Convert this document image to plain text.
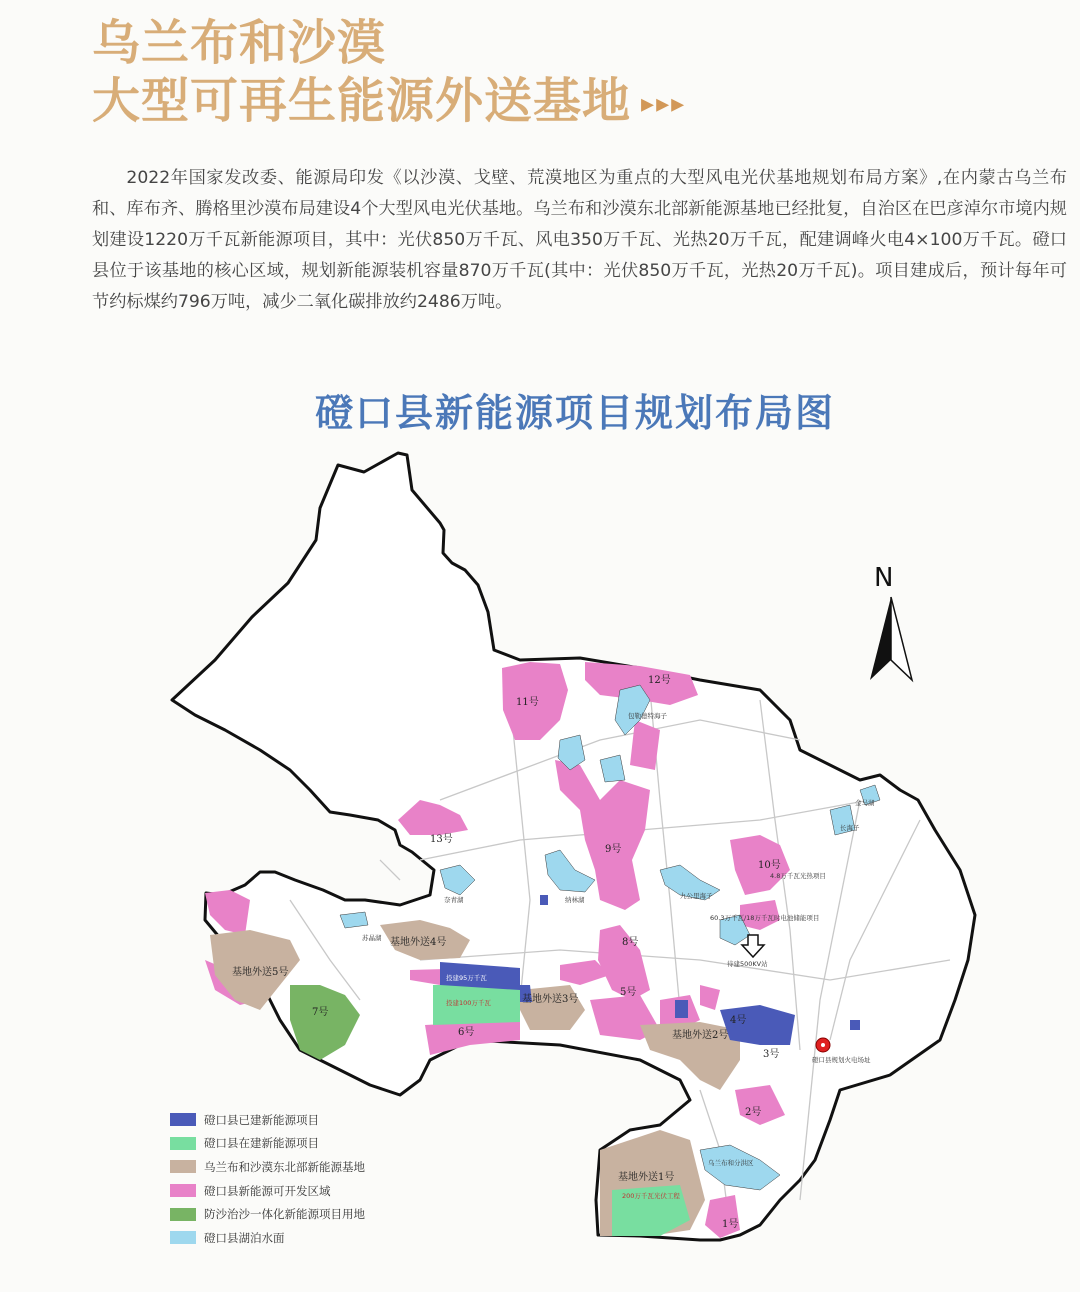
乌兰布和沙漠
大型可再生能源外送基地 ▸▸▸

2022年国家发改委、能源局印发《以沙漠、戈壁、荒漠地区为重点的大型风电光伏基地规划布局方案》,在内蒙古乌兰布和、库布齐、腾格里沙漠布局建设4个大型风电光伏基地。乌兰布和沙漠东北部新能源基地已经批复，自治区在巴彦淖尔市境内规划建设1220万千瓦新能源项目，其中：光伏850万千瓦、风电350万千瓦、光热20万千瓦，配建调峰火电4×100万千瓦。磴口县位于该基地的核心区域，规划新能源装机容量870万千瓦(其中：光伏850万千瓦，光热20万千瓦)。项目建成后，预计每年可节约标煤约796万吨，减少二氧化碳排放约2486万吨。

磴口县新能源项目规划布局图
11号
12号
13号
9号
10号
8号
5号
6号
7号
4号
3号
2号
1号
基地外送4号
基地外送5号
基地外送3号
基地外送2号
基地外送1号
包勒德特海子
金马湖
长海子
纳林湖	九公里海子
奈青湖
苏晶湖
磴口县规划火电场址
待建500KV站
乌兰布和分洪区
4.8万千瓦光热项目
60.3万千瓦/18万千瓦时电池储能项目
投建95万千瓦
投建100万千瓦
200万千瓦光伏工程
N
磴口县已建新能源项目
磴口县在建新能源项目
乌兰布和沙漠东北部新能源基地
磴口县新能源可开发区域
防沙治沙一体化新能源项目用地
磴口县湖泊水面
